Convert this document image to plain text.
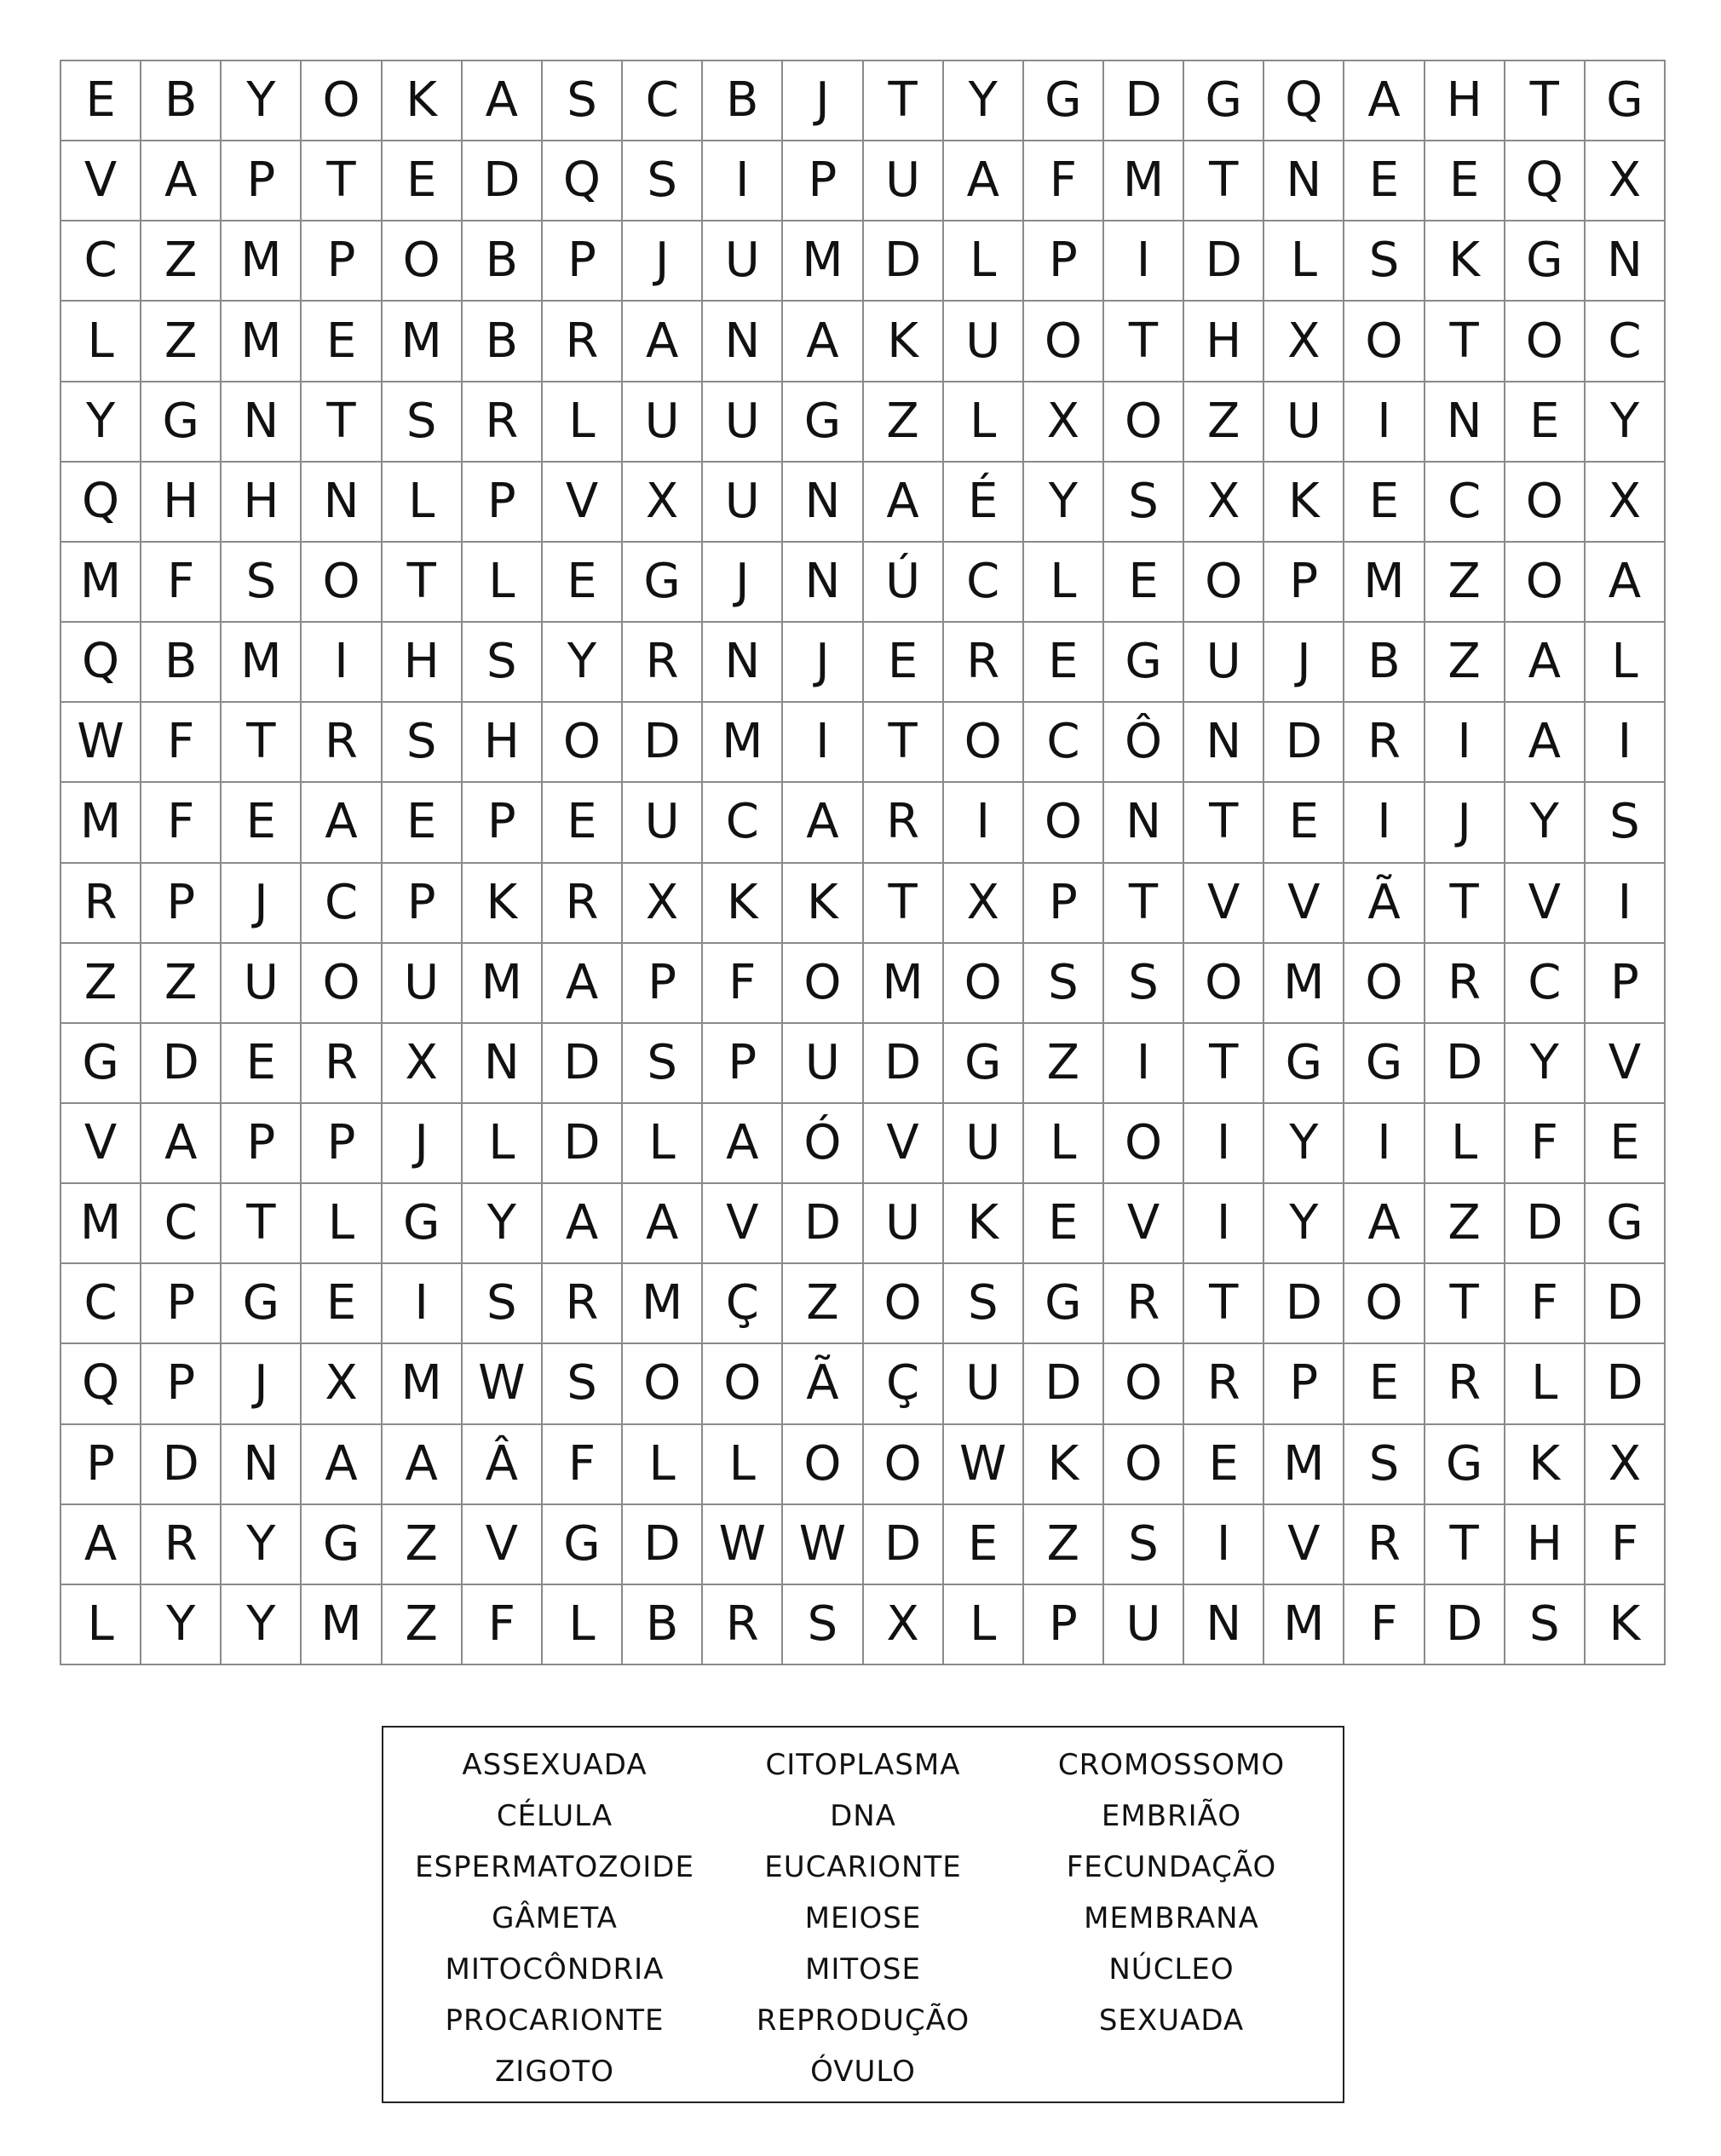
E	B	Y O K	A	S	C B	J	T	Y G D G Q A H T G
V A	P	T	E D Q S	I	P	U A	F M T	N E	E Q X
C Z M P O B	P	J	U M D	L	P	I	D	L	S	K G N
L	Z M E M B R A N A	K U O T H X O T O C
Y G N	T	S	R	L	U U G Z	L	X O Z U	I	N E	Y
Q H H N	L	P	V X U N A	É	Y	S	X	K	E	C O X
M F	S O T	L	E G	J	N Ú C	L	E O P M Z O A
Q B M	I	H S	Y	R N	J	E	R	E G U	J	B Z A	L
W F	T	R	S H O D M	I	T O C Ô N D R	I	A	I
M F	E	A	E	P	E U C A R	I	O N	T	E	I	J	Y	S
R	P	J	C	P	K	R X	K	K	T	X	P	T	V V Ã	T	V	I
Z Z U O U M A	P	F	O M O S	S O M O R C	P
G D E	R X N D S	P	U D G Z	I	T G G D Y	V
V A	P	P	J	L	D	L	A Ó V U	L	O	I	Y	I	L	F	E
M C	T	L	G Y	A A V D U K	E	V	I	Y	A Z D G
C	P G E	I	S	R M Ç Z O S G R	T D O T	F	D
Q P	J	X M W S O O Ã Ç U D O R	P	E	R	L	D
P D N A A Â	F	L	L	O O W K O E M S G K	X
A R	Y G Z V G D W W D E	Z	S	I	V R	T H	F
L	Y	Y M Z	F	L	B R	S	X	L	P	U N M F	D S	K
ASSEXUADA	CITOPLASMA	CROMOSSOMO
CÉLULA	DNA	EMBRIÃO
ESPERMATOZOIDE	EUCARIONTE	FECUNDAÇÃO
GÂMETA	MEIOSE	MEMBRANA
MITOCÔNDRIA	MITOSE	NÚCLEO
PROCARIONTE	REPRODUÇÃO	SEXUADA
ZIGOTO	ÓVULO
